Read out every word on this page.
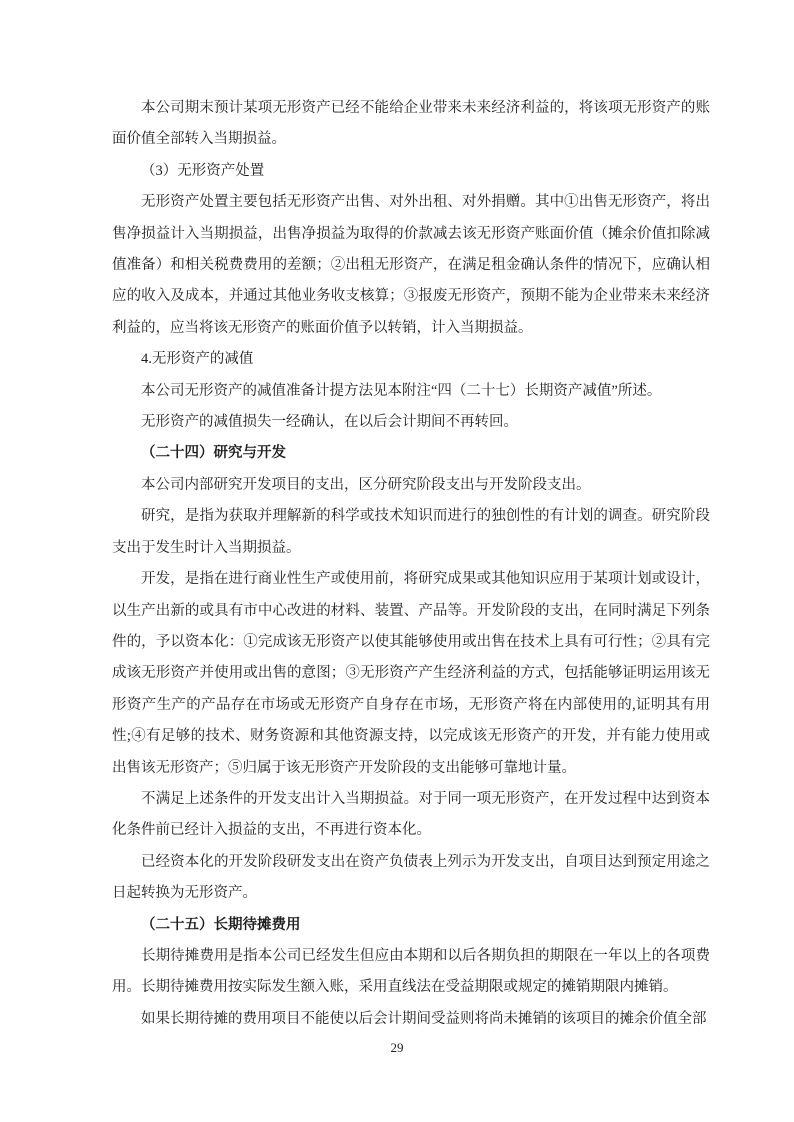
本公司期末预计某项无形资产已经不能给企业带来未来经济利益的，将该项无形资产的账面价值全部转入当期损益。

（3）无形资产处置

无形资产处置主要包括无形资产出售、对外出租、对外捐赠。其中①出售无形资产，将出售净损益计入当期损益，出售净损益为取得的价款减去该无形资产账面价值（摊余价值扣除减值准备）和相关税费费用的差额；②出租无形资产，在满足租金确认条件的情况下，应确认相应的收入及成本，并通过其他业务收支核算；③报废无形资产，预期不能为企业带来未来经济利益的，应当将该无形资产的账面价值予以转销，计入当期损益。

4.无形资产的减值

本公司无形资产的减值准备计提方法见本附注“四（二十七）长期资产减值”所述。

无形资产的减值损失一经确认，在以后会计期间不再转回。

（二十四）研究与开发

本公司内部研究开发项目的支出，区分研究阶段支出与开发阶段支出。

研究，是指为获取并理解新的科学或技术知识而进行的独创性的有计划的调查。研究阶段支出于发生时计入当期损益。

开发，是指在进行商业性生产或使用前，将研究成果或其他知识应用于某项计划或设计，以生产出新的或具有市中心改进的材料、装置、产品等。开发阶段的支出，在同时满足下列条件的，予以资本化：①完成该无形资产以使其能够使用或出售在技术上具有可行性；②具有完成该无形资产并使用或出售的意图；③无形资产产生经济利益的方式，包括能够证明运用该无形资产生产的产品存在市场或无形资产自身存在市场，无形资产将在内部使用的,证明其有用性;④有足够的技术、财务资源和其他资源支持，以完成该无形资产的开发，并有能力使用或出售该无形资产；⑤归属于该无形资产开发阶段的支出能够可靠地计量。

不满足上述条件的开发支出计入当期损益。对于同一项无形资产，在开发过程中达到资本化条件前已经计入损益的支出，不再进行资本化。

已经资本化的开发阶段研发支出在资产负债表上列示为开发支出，自项目达到预定用途之日起转换为无形资产。

（二十五）长期待摊费用

长期待摊费用是指本公司已经发生但应由本期和以后各期负担的期限在一年以上的各项费用。长期待摊费用按实际发生额入账，采用直线法在受益期限或规定的摊销期限内摊销。

如果长期待摊的费用项目不能使以后会计期间受益则将尚未摊销的该项目的摊余价值全部

29
